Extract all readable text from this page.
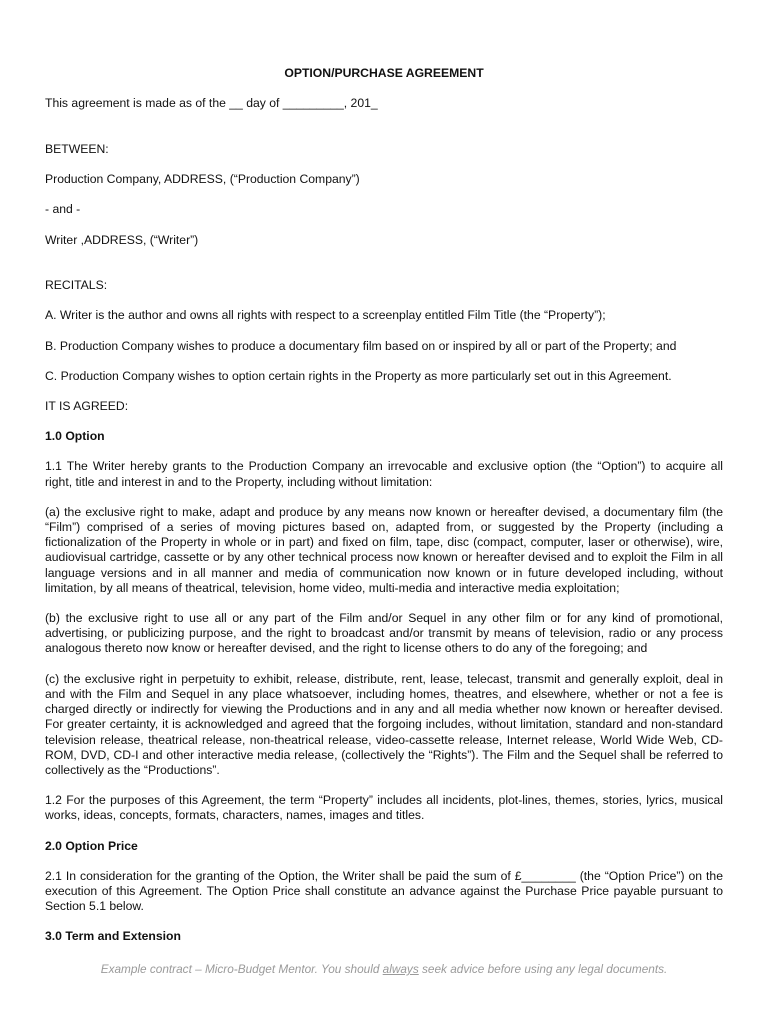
OPTION/PURCHASE AGREEMENT
This agreement is made as of the __ day of _________, 201_

BETWEEN:

Production Company, ADDRESS, (“Production Company”)

- and -

Writer ,ADDRESS, (“Writer”)

RECITALS:
A. Writer is the author and owns all rights with respect to a screenplay entitled Film Title (the “Property”);
B. Production Company wishes to produce a documentary film based on or inspired by all or part of the Property; and
C. Production Company wishes to option certain rights in the Property as more particularly set out in this Agreement.
IT IS AGREED:
1.0 Option
1.1 The Writer hereby grants to the Production Company an irrevocable and exclusive option (the “Option”) to acquire all right, title and interest in and to the Property, including without limitation:
(a) the exclusive right to make, adapt and produce by any means now known or hereafter devised, a documentary film (the “Film”) comprised of a series of moving pictures based on, adapted from, or suggested by the Property (including a fictionalization of the Property in whole or in part) and fixed on film, tape, disc (compact, computer, laser or otherwise), wire, audiovisual cartridge, cassette or by any other technical process now known or hereafter devised and to exploit the Film in all language versions and in all manner and media of communication now known or in future developed including, without limitation, by all means of theatrical, television, home video, multi-media and interactive media exploitation;
(b) the exclusive right to use all or any part of the Film and/or Sequel in any other film or for any kind of promotional, advertising, or publicizing purpose, and the right to broadcast and/or transmit by means of television, radio or any process analogous thereto now know or hereafter devised, and the right to license others to do any of the foregoing; and
(c) the exclusive right in perpetuity to exhibit, release, distribute, rent, lease, telecast, transmit and generally exploit, deal in and with the Film and Sequel in any place whatsoever, including homes, theatres, and elsewhere, whether or not a fee is charged directly or indirectly for viewing the Productions and in any and all media whether now known or hereafter devised. For greater certainty, it is acknowledged and agreed that the forgoing includes, without limitation, standard and non-standard television release, theatrical release, non-theatrical release, video-cassette release, Internet release, World Wide Web, CD-ROM, DVD, CD-I and other interactive media release, (collectively the “Rights”). The Film and the Sequel shall be referred to collectively as the “Productions”.
1.2 For the purposes of this Agreement, the term “Property” includes all incidents, plot-lines, themes, stories, lyrics, musical works, ideas, concepts, formats, characters, names, images and titles.
2.0 Option Price
2.1 In consideration for the granting of the Option, the Writer shall be paid the sum of £________ (the “Option Price”) on the execution of this Agreement. The Option Price shall constitute an advance against the Purchase Price payable pursuant to Section 5.1 below.
3.0 Term and Extension
Example contract – Micro-Budget Mentor. You should always seek advice before using any legal documents.
